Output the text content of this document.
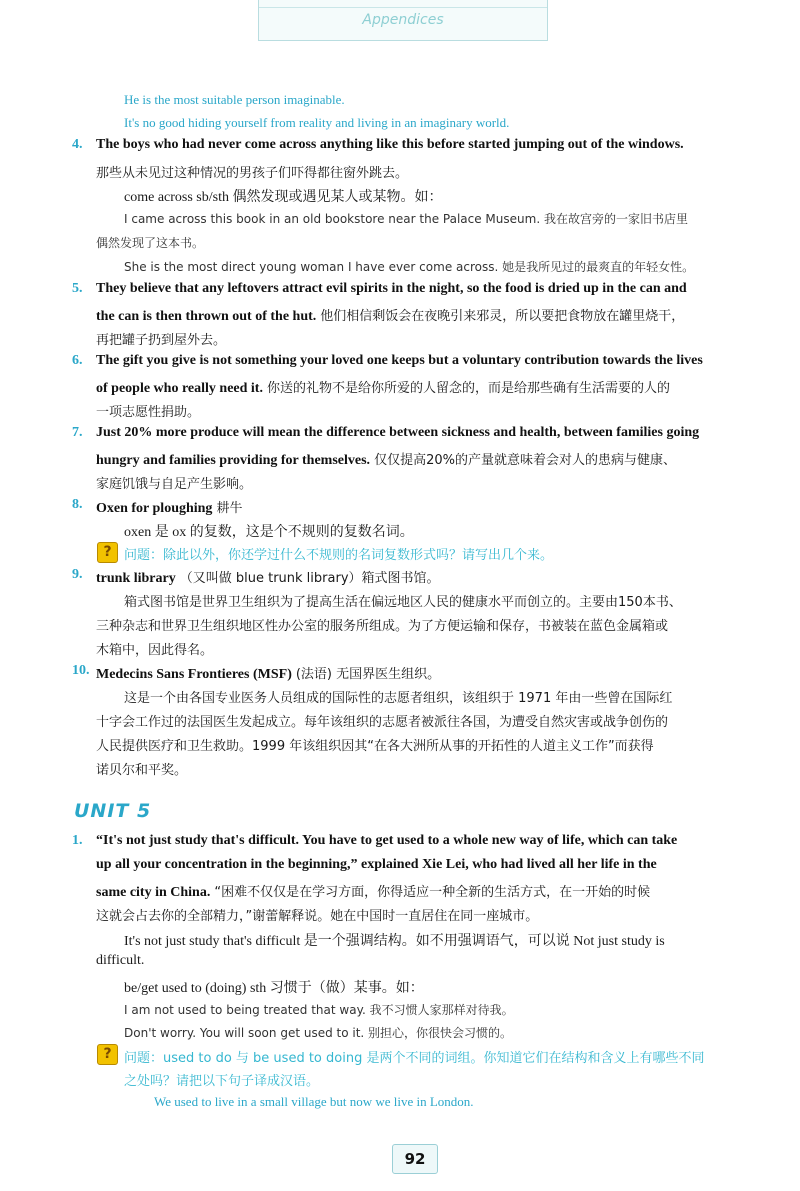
Appendices
He is the most suitable person imaginable.
It's no good hiding yourself from reality and living in an imaginary world.
4. The boys who had never come across anything like this before started jumping out of the windows.
那些从未见过这种情况的男孩子们吓得都往窗外跳去。
come across sb/sth 偶然发现或遇见某人或某物。如：
I came across this book in an old bookstore near the Palace Museum. 我在故宫旁的一家旧书店里
偶然发现了这本书。
She is the most direct young woman I have ever come across. 她是我所见过的最爽直的年轻女性。
5. They believe that any leftovers attract evil spirits in the night, so the food is dried up in the can and
the can is then thrown out of the hut. 他们相信剩饭会在夜晚引来邪灵，所以要把食物放在罐里烧干，
再把罐子扔到屋外去。
6. The gift you give is not something your loved one keeps but a voluntary contribution towards the lives
of people who really need it. 你送的礼物不是给你所爱的人留念的，而是给那些确有生活需要的人的
一项志愿性捐助。
7. Just 20% more produce will mean the difference between sickness and health, between families going
hungry and families providing for themselves. 仅仅提高20%的产量就意味着会对人的患病与健康、
家庭饥饿与自足产生影响。
8. Oxen for ploughing 耕牛
oxen 是 ox 的复数，这是个不规则的复数名词。
? 问题：除此以外，你还学过什么不规则的名词复数形式吗？请写出几个来。
9. trunk library （又叫做 blue trunk library）箱式图书馆。
箱式图书馆是世界卫生组织为了提高生活在偏远地区人民的健康水平而创立的。主要由150本书、
三种杂志和世界卫生组织地区性办公室的服务所组成。为了方便运输和保存，书被装在蓝色金属箱或
木箱中，因此得名。
10. Medecins Sans Frontieres (MSF) (法语) 无国界医生组织。
这是一个由各国专业医务人员组成的国际性的志愿者组织，该组织于 1971 年由一些曾在国际红
十字会工作过的法国医生发起成立。每年该组织的志愿者被派往各国，为遭受自然灾害或战争创伤的
人民提供医疗和卫生救助。1999 年该组织因其“在各大洲所从事的开拓性的人道主义工作”而获得
诺贝尔和平奖。
UNIT 5
1. “It's not just study that's difficult. You have to get used to a whole new way of life, which can take
up all your concentration in the beginning,” explained Xie Lei, who had lived all her life in the
same city in China. “困难不仅仅是在学习方面，你得适应一种全新的生活方式，在一开始的时候
这就会占去你的全部精力，”谢蕾解释说。她在中国时一直居住在同一座城市。
It's not just study that's difficult 是一个强调结构。如不用强调语气，可以说 Not just study is
difficult.
be/get used to (doing) sth 习惯于（做）某事。如：
I am not used to being treated that way. 我不习惯人家那样对待我。
Don't worry. You will soon get used to it. 别担心，你很快会习惯的。
? 问题：used to do 与 be used to doing 是两个不同的词组。你知道它们在结构和含义上有哪些不同
之处吗？请把以下句子译成汉语。
We used to live in a small village but now we live in London.
92
